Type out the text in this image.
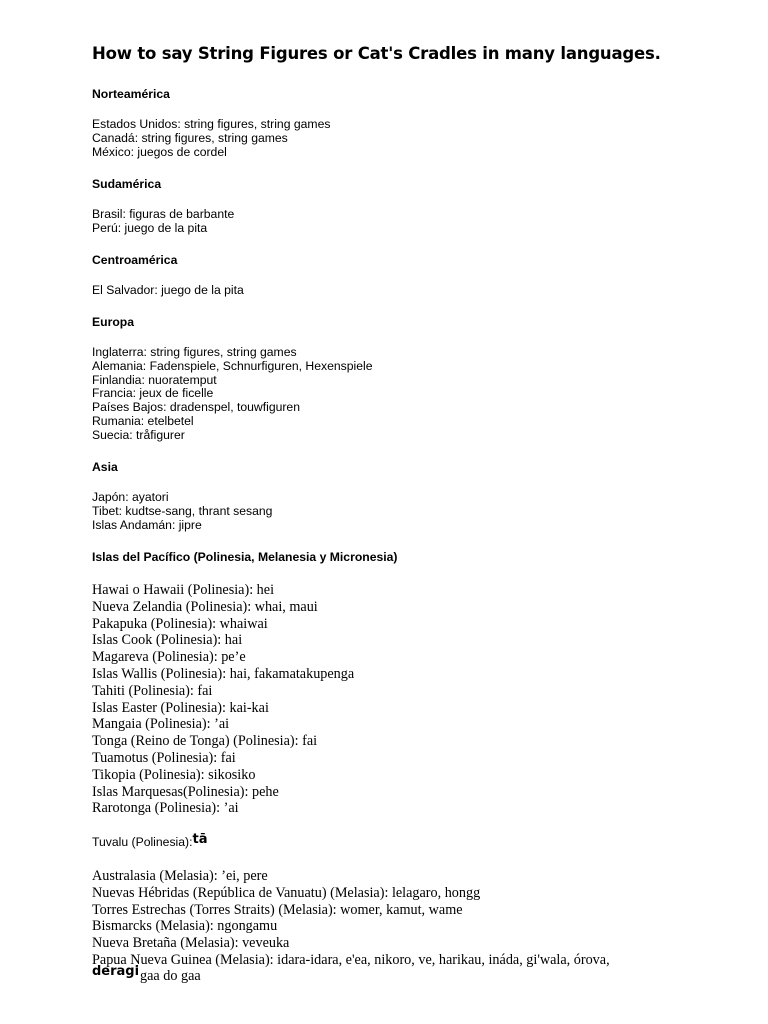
How to say String Figures or Cat's Cradles in many languages.
Norteamérica
Estados Unidos: string figures, string games
Canadá: string figures, string games
México: juegos de cordel
Sudamérica
Brasil: figuras de barbante
Perú: juego de la pita
Centroamérica
El Salvador: juego de la pita
Europa
Inglaterra: string figures, string games
Alemania: Fadenspiele, Schnurfiguren, Hexenspiele
Finlandia: nuoratemput
Francia: jeux de ficelle
Países Bajos: dradenspel, touwfiguren
Rumania: etelbetel
Suecia: tråfigurer
Asia
Japón: ayatori
Tibet: kudtse-sang, thrant sesang
Islas Andamán: jipre
Islas del Pacífico (Polinesia, Melanesia y Micronesia)
Hawai o Hawaii (Polinesia): hei
Nueva Zelandia (Polinesia): whai, maui
Pakapuka (Polinesia): whaiwai
Islas Cook (Polinesia): hai
Magareva (Polinesia): pe’e
Islas Wallis (Polinesia): hai, fakamatakupenga
Tahiti (Polinesia): fai
Islas Easter (Polinesia): kai-kai
Mangaia (Polinesia): ’ai
Tonga (Reino de Tonga) (Polinesia): fai
Tuamotus (Polinesia): fai
Tikopia (Polinesia): sikosiko
Islas Marquesas(Polinesia): pehe
Rarotonga (Polinesia): ’ai
Tuvalu (Polinesia):tā
Australasia (Melasia): ’ei, pere
Nuevas Hébridas (República de Vanuatu) (Melasia): lelagaro, hongg
Torres Estrechas (Torres Straits) (Melasia): womer, kamut, wame
Bismarcks (Melasia): ngongamu
Nueva Bretaña (Melasia): veveuka
Papua Nueva Guinea (Melasia): idara-idara, e'ea, nikoro, ve, harikau, ináda, gi'wala, órova,
deragi gaa do gaa
